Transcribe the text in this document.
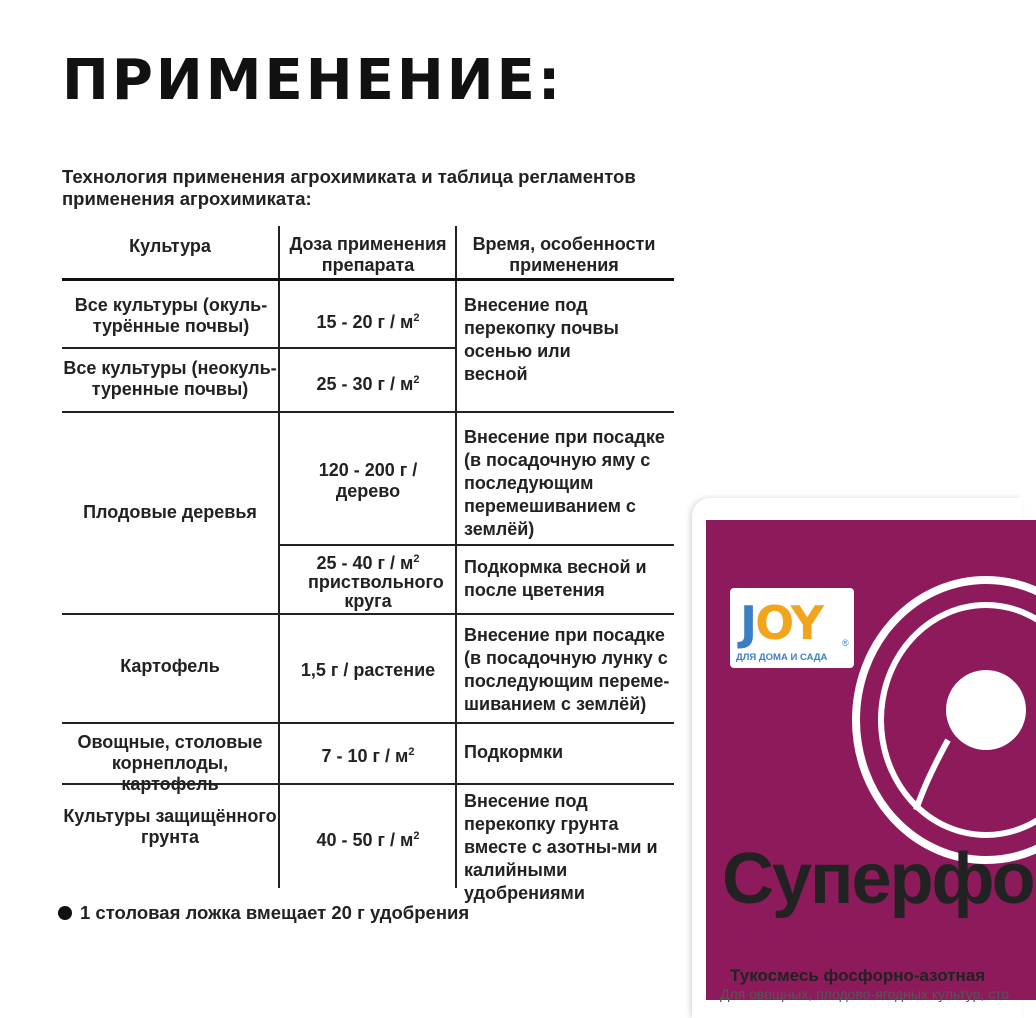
ПРИМЕНЕНИЕ:
Технология применения агрохимиката и таблица регламентов применения агрохимиката:
Культура	Доза применения препарата
Время, особенности применения
Все культуры (окуль-турённые почвы)
Все культуры (неокуль-туренные почвы)
Плодовые деревья
Картофель
Овощные, столовые корнеплоды, картофель
Культуры защищённого грунта
15 - 20 г / $м^2$
25 - 30 г / $м^2$
120 - 200 г / дерево
25 - 40 г / $м^2$
приствольного круга
1,5 г / растение
7 - 10 г / $м^2$
40 - 50 г / $м^2$
Внесение под перекопку почвы осенью или весной
Внесение при посадке (в посадочную яму с последующим перемешиванием с землёй)
Подкормка весной и после цветения
Внесение при посадке (в посадочную лунку с последующим переме-шиванием с землёй)
Подкормки
Внесение под перекопку грунта вместе с азотны-ми и калийными удобрениями
1 столовая ложка вмещает 20 г удобрения
JOY ®
ДЛЯ ДОМА И САДА
Суперфо
двойной
Тукосмесь фосфорно-азотная
Для овощных, плодово-ягодных культур, сто
